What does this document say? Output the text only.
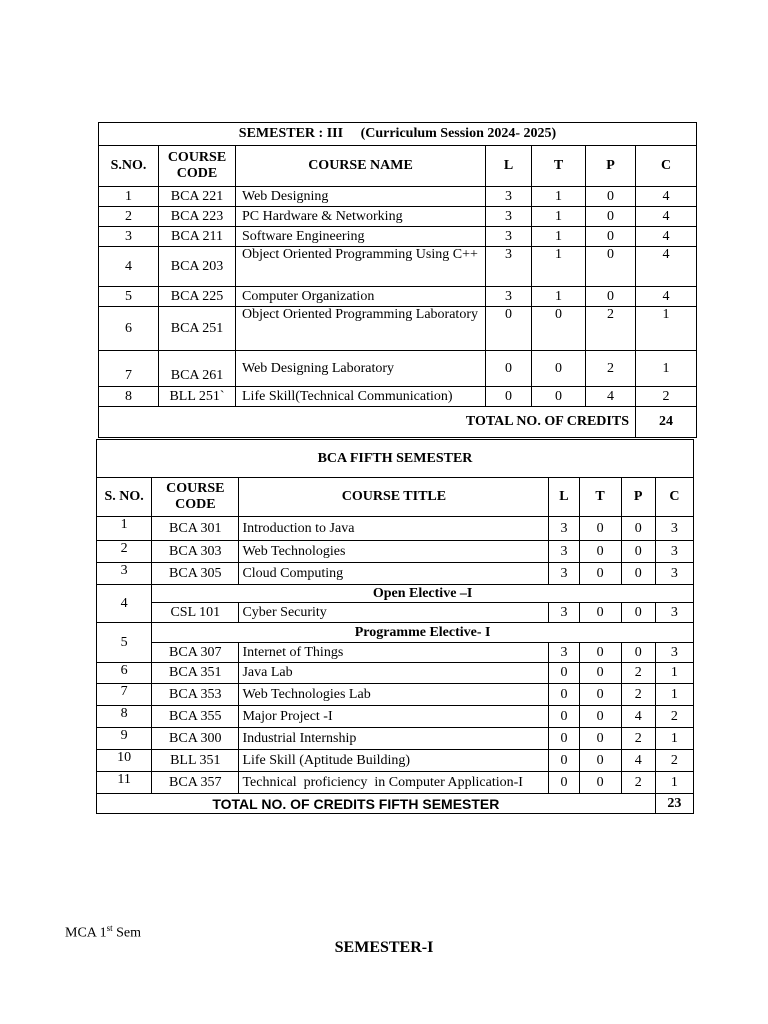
SEMESTER : III (Curriculum Session 2024- 2025)						
S.NO.	COURSE CODE	COURSE NAME	L	T	P	C
1	BCA 221	Web Designing	3	1	0	4
2	BCA 223	PC Hardware & Networking	3	1	0	4
3	BCA 211	Software Engineering	3	1	0	4
4	BCA 203	Object Oriented Programming Using C++	3	1	0	4
5	BCA 225	Computer Organization	3	1	0	4
6	BCA 251	Object Oriented Programming Laboratory	0	0	2	1
7	BCA 261	Web Designing Laboratory	0	0	2	1
8	BLL 251`	Life Skill(Technical Communication)	0	0	4	2
TOTAL NO. OF CREDITS						24
BCA FIFTH SEMESTER						
S. NO.	COURSE CODE	COURSE TITLE	L	T	P	C
1	BCA 301	Introduction to Java	3	0	0	3
2	BCA 303	Web Technologies	3	0	0	3
3	BCA 305	Cloud Computing	3	0	0	3
4	Open Elective –I					
	CSL 101	Cyber Security	3	0	0	3
5	Programme Elective- I					
	BCA 307	Internet of Things	3	0	0	3
6	BCA 351	Java Lab	0	0	2	1
7	BCA 353	Web Technologies Lab	0	0	2	1
8	BCA 355	Major Project -I	0	0	4	2
9	BCA 300	Industrial Internship	0	0	2	1
10	BLL 351	Life Skill (Aptitude Building)	0	0	4	2
11	BCA 357	Technical  proficiency  in Computer Application-I	0	0	2	1
TOTAL NO. OF CREDITS FIFTH SEMESTER						23
MCA 1st Sem
SEMESTER-I
